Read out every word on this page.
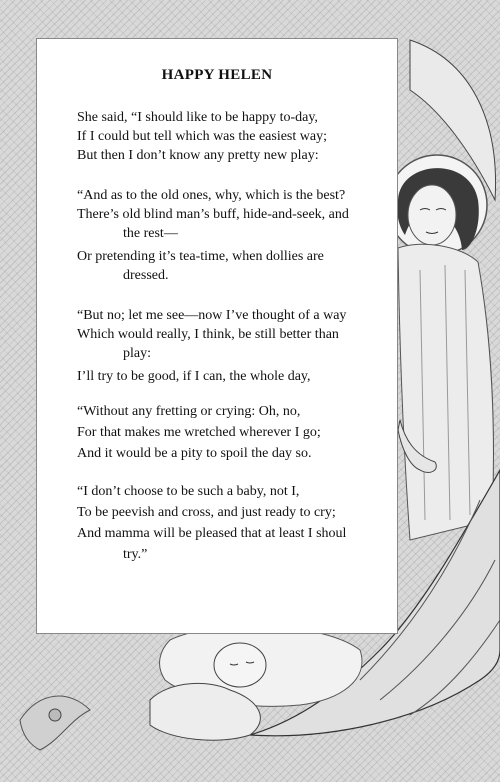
HAPPY HELEN
She said, “I should like to be happy to-day,
If I could but tell which was the easiest way;
But then I don’t know any pretty new play:
“And as to the old ones, why, which is the best?
There’s old blind man’s buff, hide-and-seek, and
the rest—
Or pretending it’s tea-time, when dollies are
dressed.
“But no; let me see—now I’ve thought of a way
Which would really, I think, be still better than
play:
I’ll try to be good, if I can, the whole day,
“Without any fretting or crying: Oh, no,
For that makes me wretched wherever I go;
And it would be a pity to spoil the day so.
“I don’t choose to be such a baby, not I,
To be peevish and cross, and just ready to cry;
And mamma will be pleased that at least I shoul
try.”
